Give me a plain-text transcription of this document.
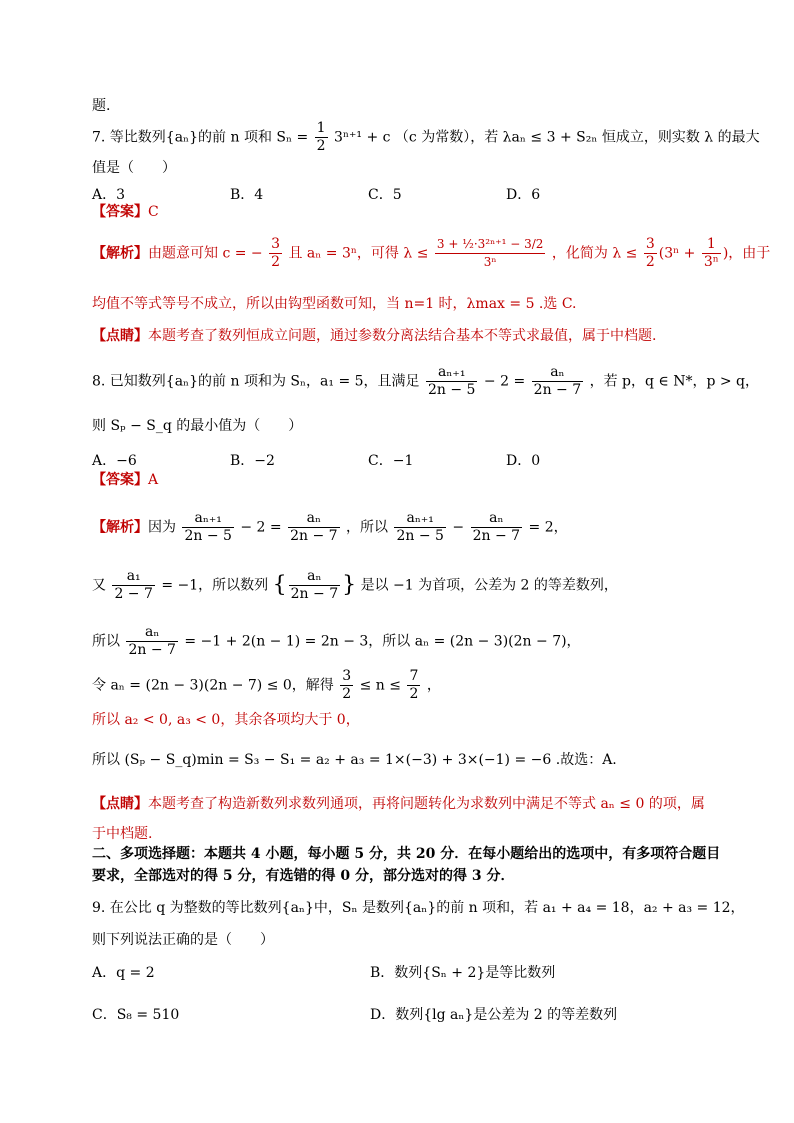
题.
7. 等比数列{aₙ}的前 n 项和 $S_n = \frac{1}{2} 3^{n+1} + c$ （c 为常数），若 λaₙ ≤ 3 + S₂ₙ 恒成立，则实数 λ 的最大
值是（　　）
A．3	B．4	C．5	D．6
【答案】C
【解析】由题意可知 c = − $\frac{3}{2}$ 且 aₙ = 3ⁿ，可得 $\lambda \le \frac{\text{3 + ½·3²ⁿ⁺¹ − 3/2}}{\text{3ⁿ}}$ ，化简为 $\lambda \le \frac{3}{2} (3^n + \frac{1}{\text{3ⁿ}}$ )，由于
均值不等式等号不成立，所以由钩型函数可知，当 n=1 时，λmax = 5 .选 C.
【点睛】本题考查了数列恒成立问题，通过参数分离法结合基本不等式求最值，属于中档题.
8. 已知数列{aₙ}的前 n 项和为 Sₙ，a₁ = 5，且满足 $\frac{\text{aₙ₊₁}}{2n - 5} - 2 = \frac{\text{aₙ}}{2n - 7}$ ，若 p，q ∈ N*，p > q，
则 Sₚ − S_q 的最小值为（　　）
A．−6	B．−2	C．−1	D．0
【答案】A
【解析】因为 $\frac{\text{aₙ₊₁}}{2n - 5} - 2 = \frac{\text{aₙ}}{2n - 7}$ ，所以 $\frac{\text{aₙ₊₁}}{2n - 5} - \frac{\text{aₙ}}{2n - 7} = 2$，
又 $\frac{\text{a₁}}{2 - 7} = -1$，所以数列 { $\frac{\text{aₙ}}{2n - 7}$ } 是以 −1 为首项，公差为 2 的等差数列，
所以 $\frac{\text{aₙ}}{2n - 7} = -1 + 2(n - 1) = 2n - 3$，所以 aₙ = (2n − 3)(2n − 7)，
令 aₙ = (2n − 3)(2n − 7) ≤ 0，解得 $\frac{3}{2} \le n \le \frac{7}{2}$ ，
所以 a₂ < 0, a₃ < 0，其余各项均大于 0，
所以 (Sₚ − S_q)min = S₃ − S₁ = a₂ + a₃ = 1×(−3) + 3×(−1) = −6 .故选：A.
【点睛】本题考查了构造新数列求数列通项，再将问题转化为求数列中满足不等式 aₙ ≤ 0 的项，属
于中档题.
二、多项选择题：本题共 4 小题，每小题 5 分，共 20 分．在每小题给出的选项中，有多项符合题目
要求，全部选对的得 5 分，有选错的得 0 分，部分选对的得 3 分．
9. 在公比 q 为整数的等比数列{aₙ}中，Sₙ 是数列{aₙ}的前 n 项和，若 a₁ + a₄ = 18，a₂ + a₃ = 12，
则下列说法正确的是（　　）
A．q = 2	B．数列{Sₙ + 2}是等比数列
C．S₈ = 510	D．数列{lg aₙ}是公差为 2 的等差数列
